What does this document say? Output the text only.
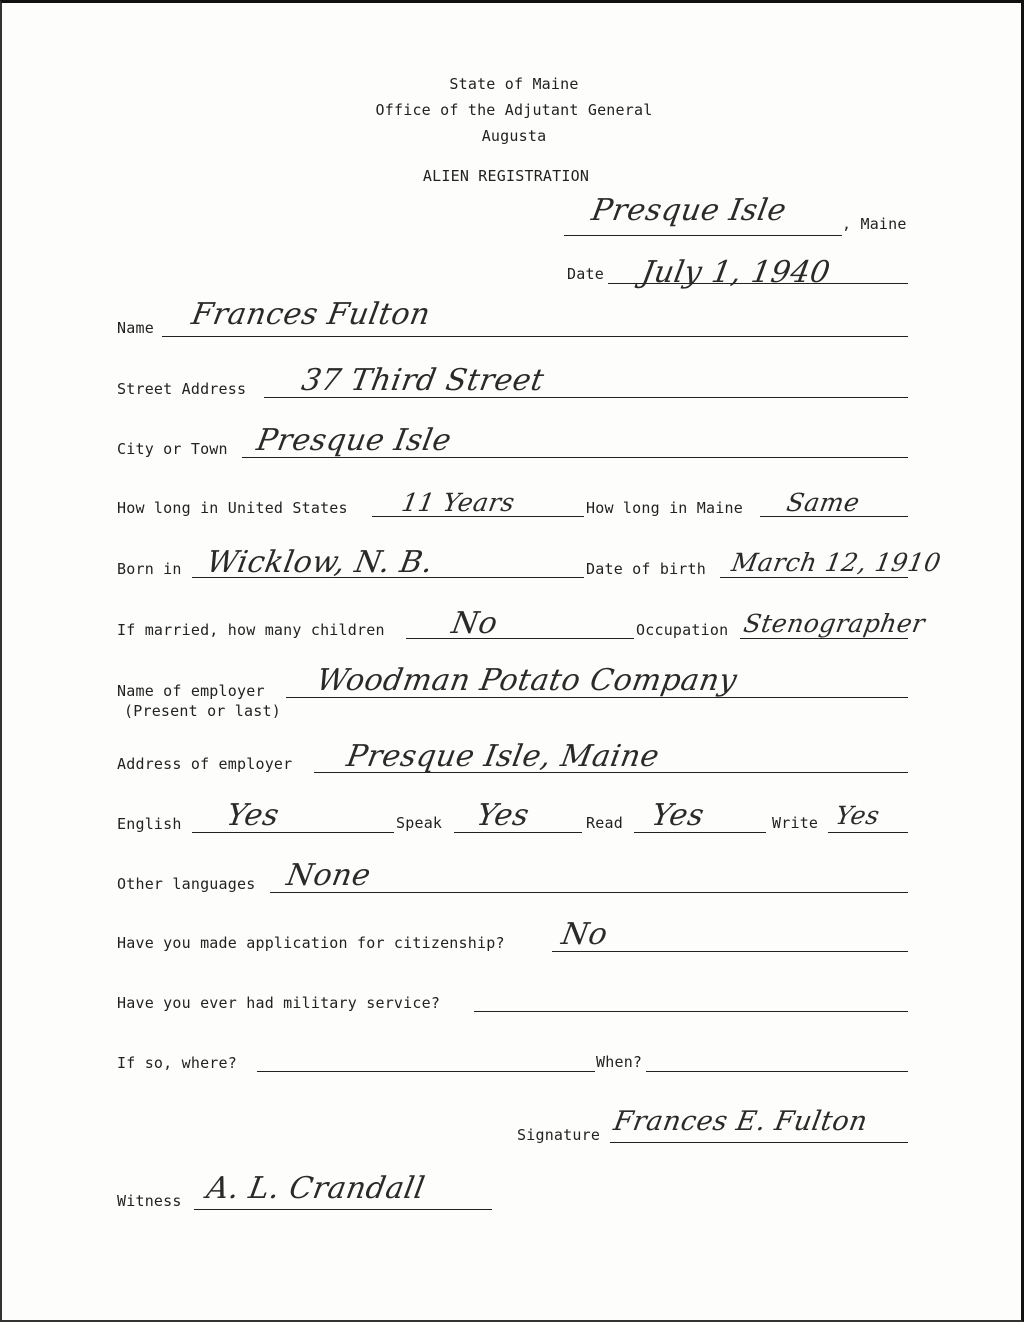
State of Maine
Office of the Adjutant General
Augusta
ALIEN REGISTRATION
Presque Isle	, Maine
Date July 1, 1940
Name Frances Fulton
Street Address 37 Third Street
City or Town Presque Isle
How long in United States 11 Years	How long in Maine Same
Born in Wicklow, N. B.	Date of birth March 12, 1910
If married, how many children No	Occupation Stenographer
Name of employer
(Present or last)
Woodman Potato Company
Address of employer Presque Isle, Maine
English Yes	Speak Yes	Read Yes	Write Yes
Other languages None
Have you made application for citizenship? No
Have you ever had military service?
If so, where?	When?
Signature Frances E. Fulton
Witness A. L. Crandall
